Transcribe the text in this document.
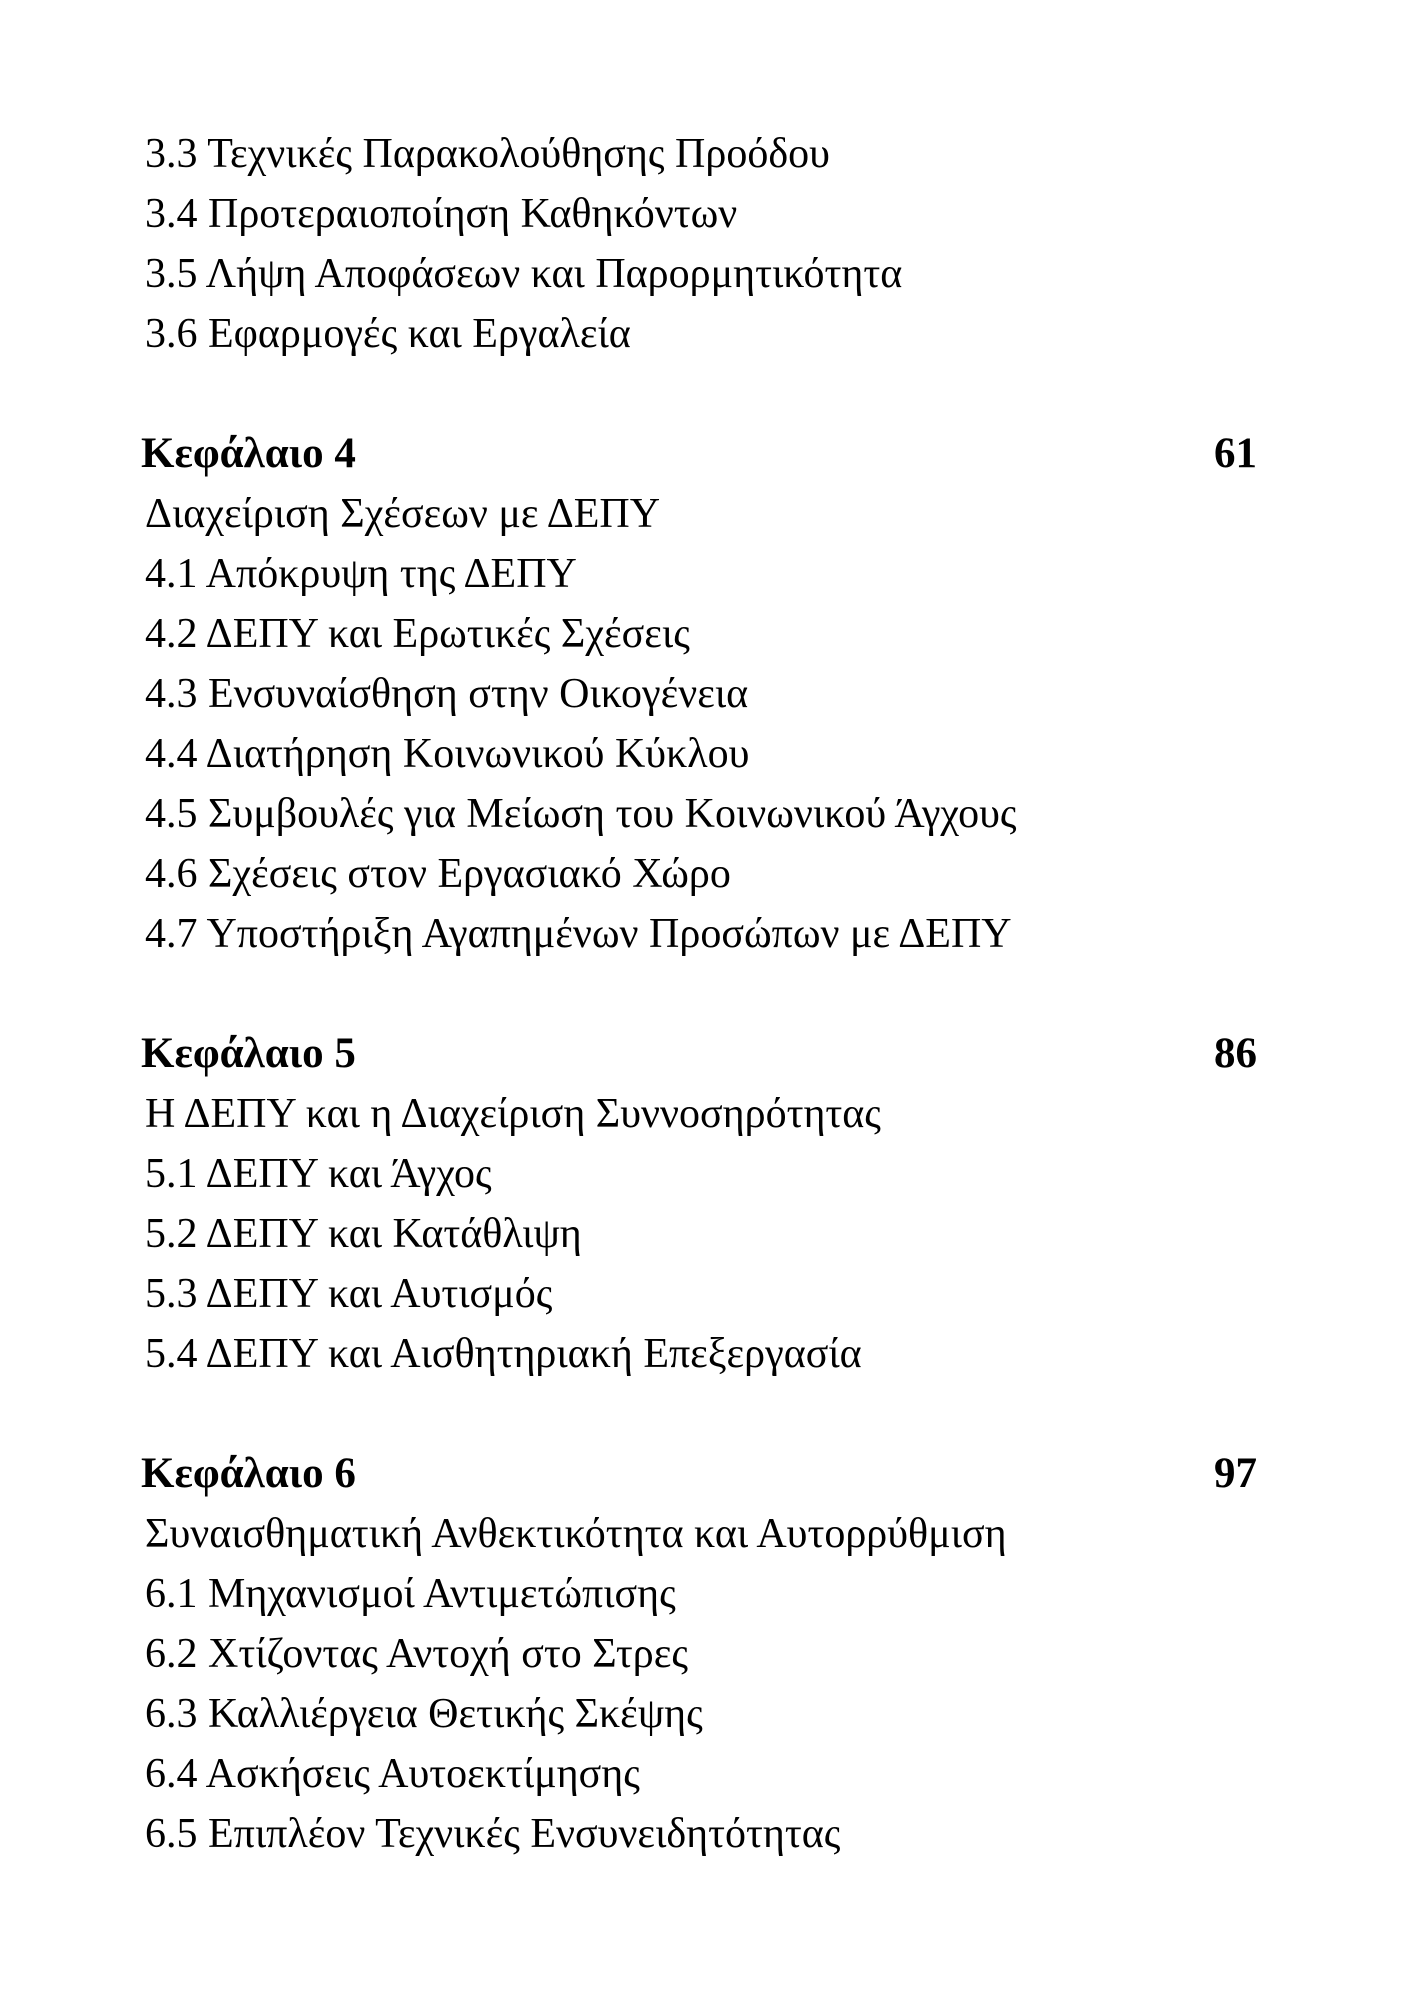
3.3 Τεχνικές Παρακολούθησης Προόδου
3.4 Προτεραιοποίηση Καθηκόντων
3.5 Λήψη Αποφάσεων και Παρορμητικότητα
3.6 Εφαρμογές και Εργαλεία
Κεφάλαιο 4	61

Διαχείριση Σχέσεων με ΔΕΠΥ

4.1 Απόκρυψη της ΔΕΠΥ
4.2 ΔΕΠΥ και Ερωτικές Σχέσεις
4.3 Ενσυναίσθηση στην Οικογένεια
4.4 Διατήρηση Κοινωνικού Κύκλου
4.5 Συμβουλές για Μείωση του Κοινωνικού Άγχους
4.6 Σχέσεις στον Εργασιακό Χώρο
4.7 Υποστήριξη Αγαπημένων Προσώπων με ΔΕΠΥ
Κεφάλαιο 5	86

Η ΔΕΠΥ και η Διαχείριση Συννοσηρότητας

5.1 ΔΕΠΥ και Άγχος
5.2 ΔΕΠΥ και Κατάθλιψη
5.3 ΔΕΠΥ και Αυτισμός
5.4 ΔΕΠΥ και Αισθητηριακή Επεξεργασία
Κεφάλαιο 6	97

Συναισθηματική Ανθεκτικότητα και Αυτορρύθμιση

6.1 Μηχανισμοί Αντιμετώπισης
6.2 Χτίζοντας Αντοχή στο Στρες
6.3 Καλλιέργεια Θετικής Σκέψης
6.4 Ασκήσεις Αυτοεκτίμησης
6.5 Επιπλέον Τεχνικές Ενσυνειδητότητας
